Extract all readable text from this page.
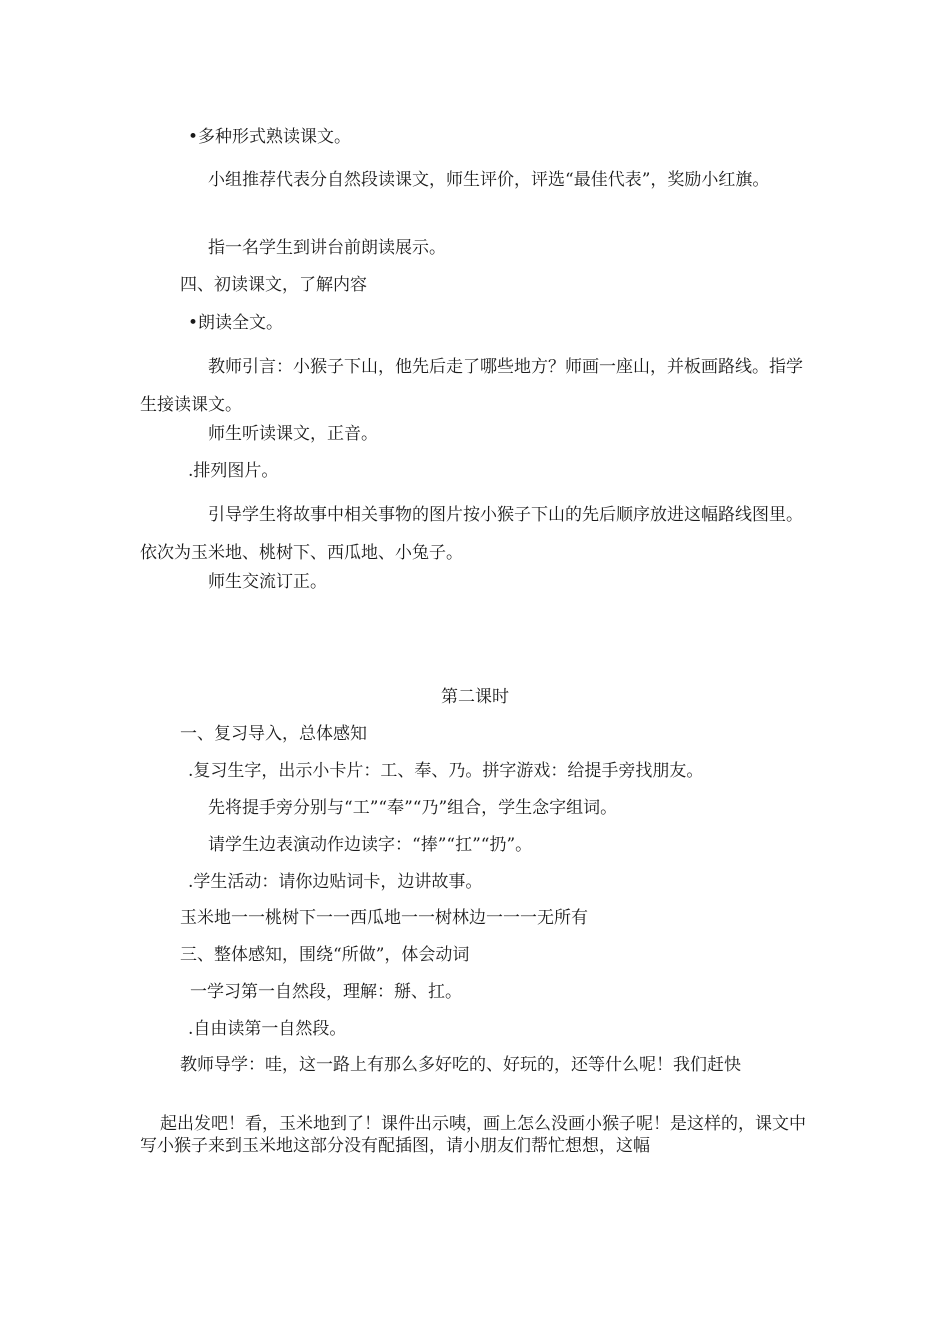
•多种形式熟读课文。
小组推荐代表分自然段读课文，师生评价，评选“最佳代表”，奖励小红旗。
指一名学生到讲台前朗读展示。
四、初读课文，了解内容
•朗读全文。
教师引言：小猴子下山，他先后走了哪些地方？师画一座山，并板画路线。指学生接读课文。
师生听读课文，正音。
.排列图片。
引导学生将故事中相关事物的图片按小猴子下山的先后顺序放进这幅路线图里。依次为玉米地、桃树下、西瓜地、小兔子。
师生交流订正。
第二课时
一、复习导入，总体感知
.复习生字，出示小卡片：工、奉、乃。拼字游戏：给提手旁找朋友。
先将提手旁分别与“工”“奉”“乃”组合，学生念字组词。
请学生边表演动作边读字：“捧”“扛”“扔”。
.学生活动：请你边贴词卡，边讲故事。
玉米地一一桃树下一一西瓜地一一树林边一一一无所有
三、整体感知，围绕“所做”，体会动词
一学习第一自然段，理解：掰、扛。
.自由读第一自然段。
教师导学：哇，这一路上有那么多好吃的、好玩的，还等什么呢！我们赶快
起出发吧！看，玉米地到了！课件出示咦，画上怎么没画小猴子呢！是这样的，课文中写小猴子来到玉米地这部分没有配插图，请小朋友们帮忙想想，这幅
